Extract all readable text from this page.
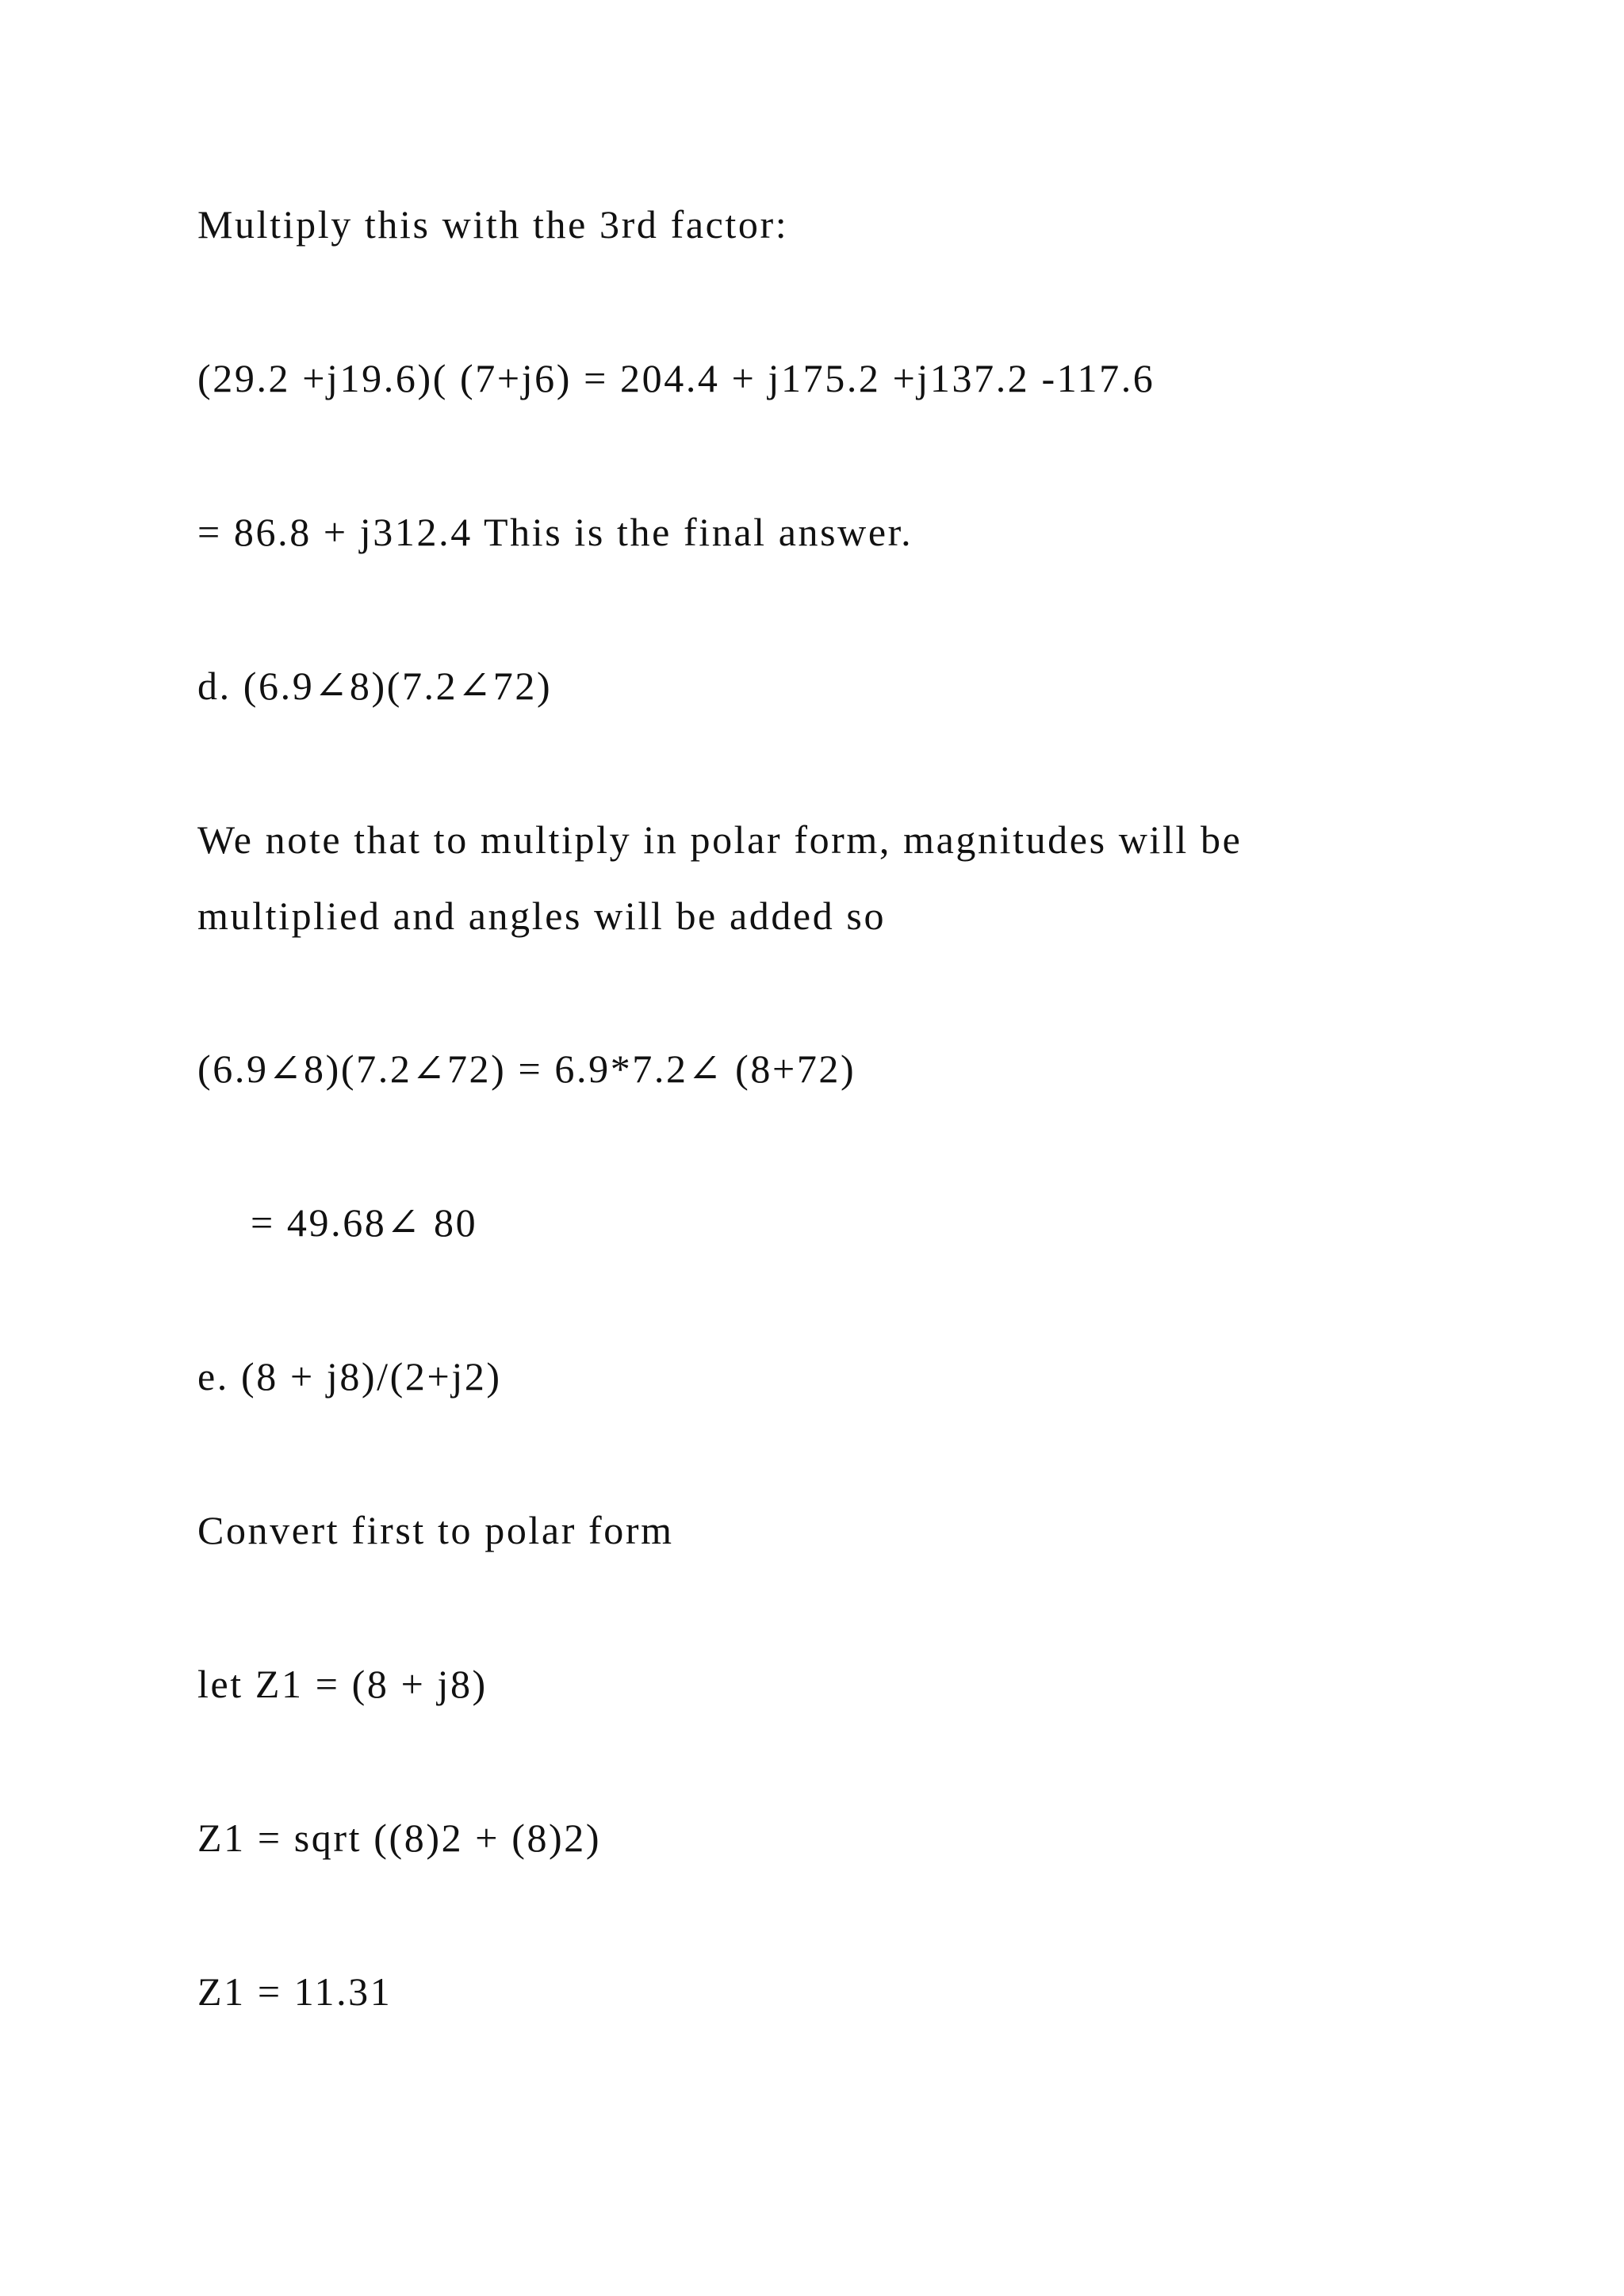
Multiply this with the 3rd factor:

(29.2 +j19.6)( (7+j6) = 204.4 + j175.2 +j137.2 -117.6

= 86.8 + j312.4 This is the final answer.

d. (6.9∠8)(7.2∠72)

We note that to multiply in polar form, magnitudes will be

multiplied and angles will be added so

(6.9∠8)(7.2∠72) = 6.9*7.2∠ (8+72)

= 49.68∠ 80

e. (8 + j8)/(2+j2)

Convert first to polar form

let Z1 = (8 + j8)

Z1 = sqrt ((8)2 + (8)2)

Z1 = 11.31
